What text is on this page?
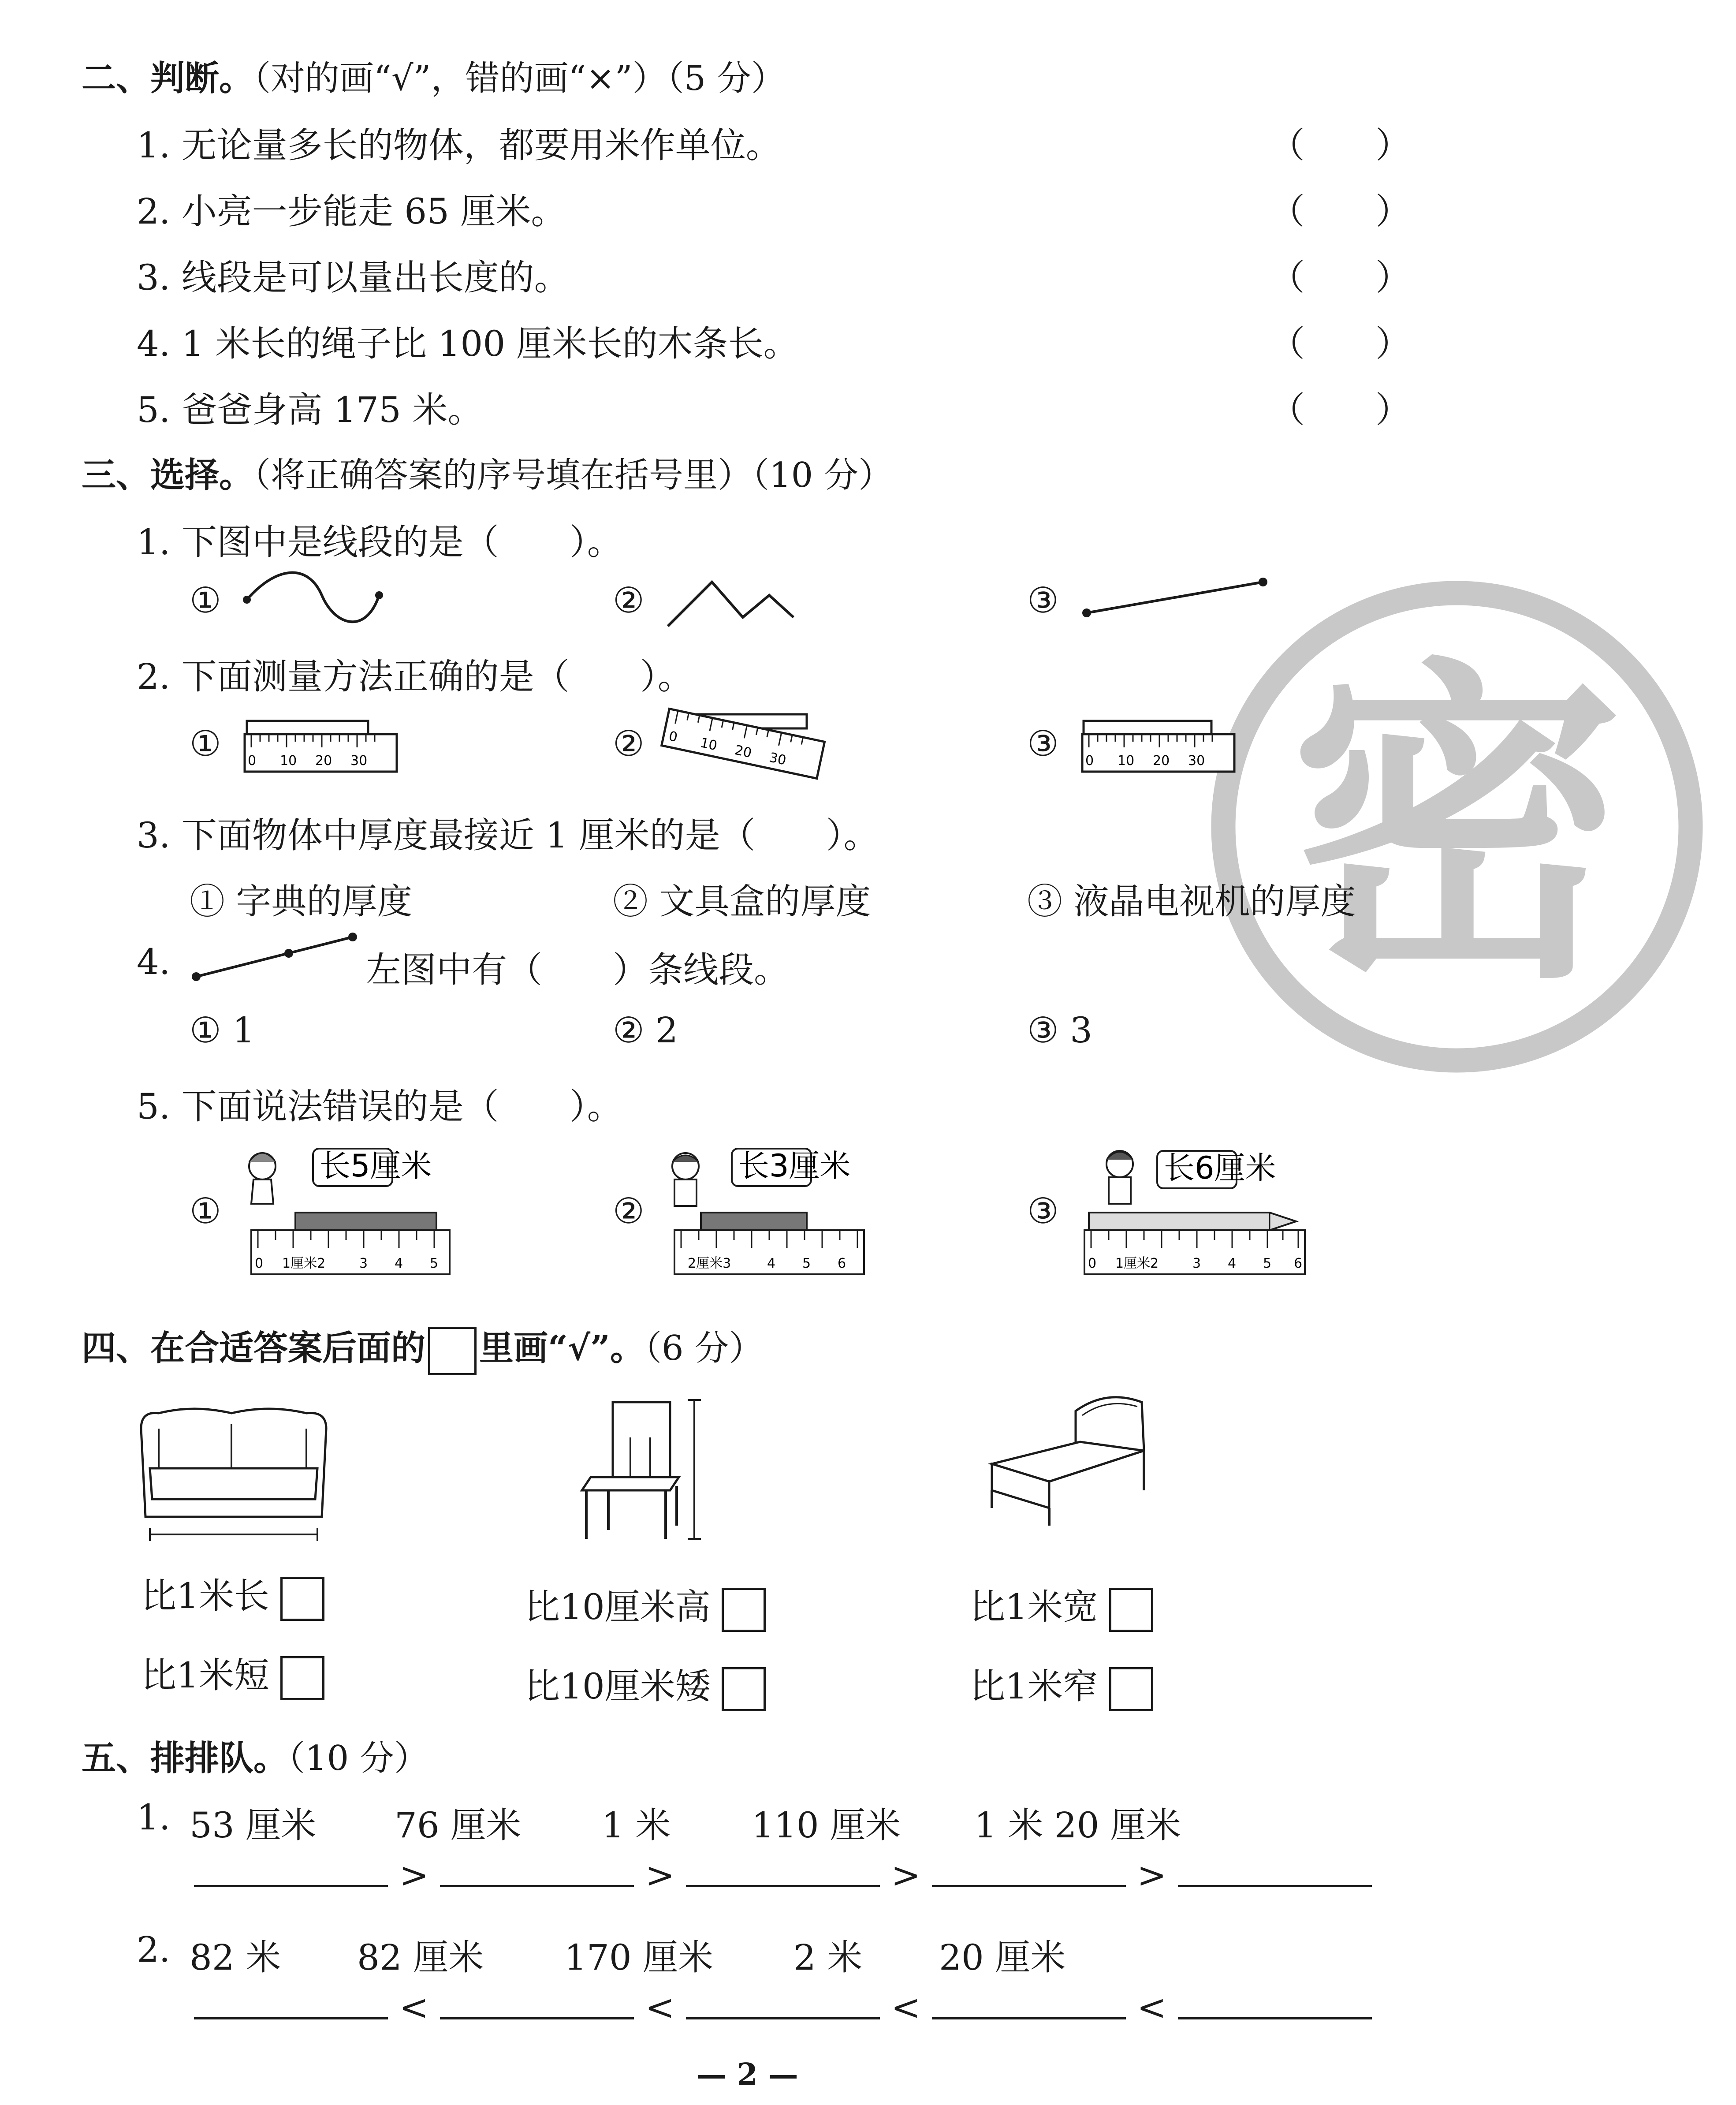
二、判断。（对的画“√”，错的画“×”）（5 分）
1. 无论量多长的物体，都要用米作单位。	（　　）
2. 小亮一步能走 65 厘米。	（　　）
3. 线段是可以量出长度的。	（　　）
4. 1 米长的绳子比 100 厘米长的木条长。	（　　）
5. 爸爸身高 175 米。	（　　）
三、选择。（将正确答案的序号填在括号里）（10 分）
密
1. 下图中是线段的是（　　）。
①	②	③
2. 下面测量方法正确的是（　　）。
①	②	③
0 10 20 30
0 10 20 30	0 10 20 30
3. 下面物体中厚度最接近 1 厘米的是（　　）。
① 字典的厚度	② 文具盒的厚度	③ 液晶电视机的厚度
4.	左图中有（　　）条线段。
① 1	② 2	③ 3
5. 下面说法错误的是（　　）。
①	②	③
长5厘米
0 1厘米2	3 4 5
长3厘米
2厘米3	4 5 6
长6厘米
0 1厘米2	3 4 5 6
四、在合适答案后面的 里画“√”。（6 分）
比1米长
比1米短
比10厘米高
比10厘米矮
比1米宽
比1米窄
五、排排队。（10 分）
1. 53 厘米 76 厘米 1 米 110 厘米 1 米 20 厘米
>	>	>	>
2. 82 米 82 厘米 170 厘米 2 米 20 厘米
<	<	<	<
— 2 —
